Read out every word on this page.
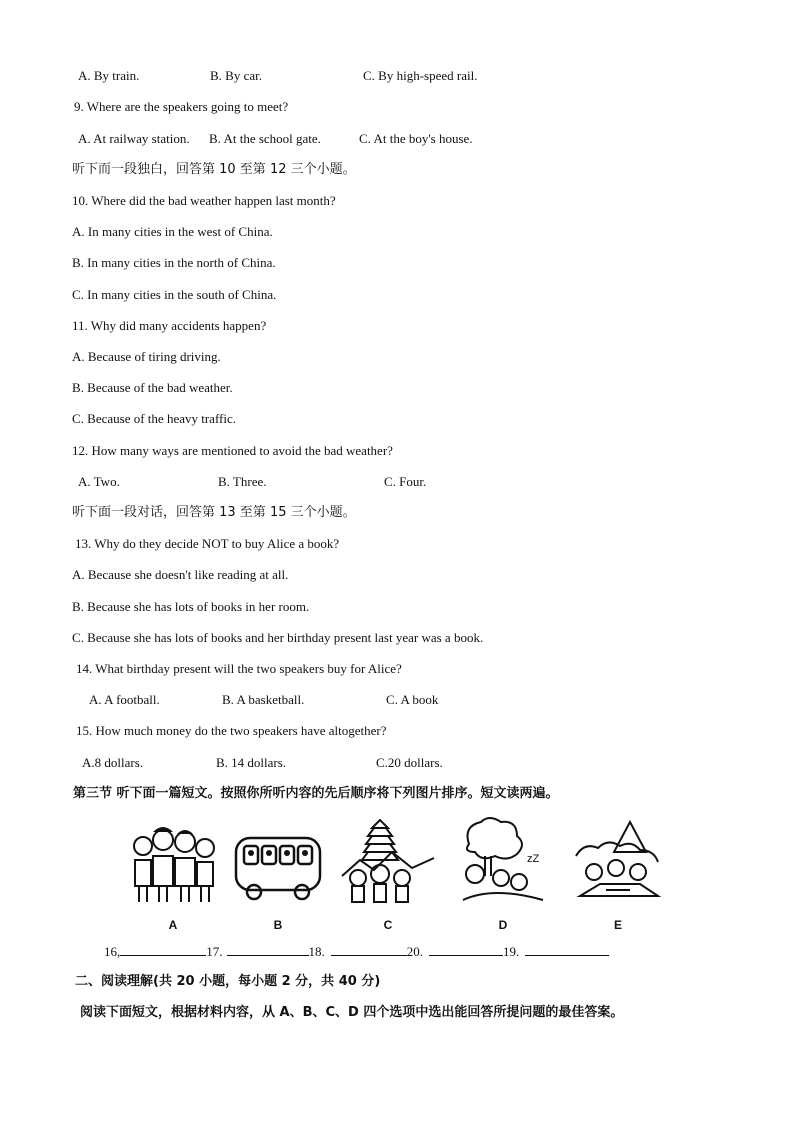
A. By train.	B. By car.	C. By high-speed rail.
9. Where are the speakers going to meet?
A. At railway station. B. At the school gate.	C. At the boy's house.
听下而一段独白，回答第 10 至第 12 三个小题。
10. Where did the bad weather happen last month?
A. In many cities in the west of China.
B. In many cities in the north of China.
C. In many cities in the south of China.
11. Why did many accidents happen?
A. Because of tiring driving.
B. Because of the bad weather.
C. Because of the heavy traffic.
12. How many ways are mentioned to avoid the bad weather?
A. Two.	B. Three.	C. Four.
听下面一段对话，回答第 13 至第 15 三个小题。
13. Why do they decide NOT to buy Alice a book?
A. Because she doesn't like reading at all.
B. Because she has lots of books in her room.
C. Because she has lots of books and her birthday present last year was a book.
14. What birthday present will the two speakers buy for Alice?
A. A football.	B. A basketball.	C. A book
15. How much money do the two speakers have altogether?
A.8 dollars.	B. 14 dollars.	C.20 dollars.
第三节 听下面一篇短文。按照你所听内容的先后顺序将下列图片排序。短文读两遍。
A	B	C
zZ
D	E
16,	17.	18.	20.	19.
二、阅读理解(共 20 小题，每小题 2 分，共 40 分)
阅读下面短文，根据材料内容，从 A、B、C、D 四个选项中选出能回答所提问题的最佳答案。
